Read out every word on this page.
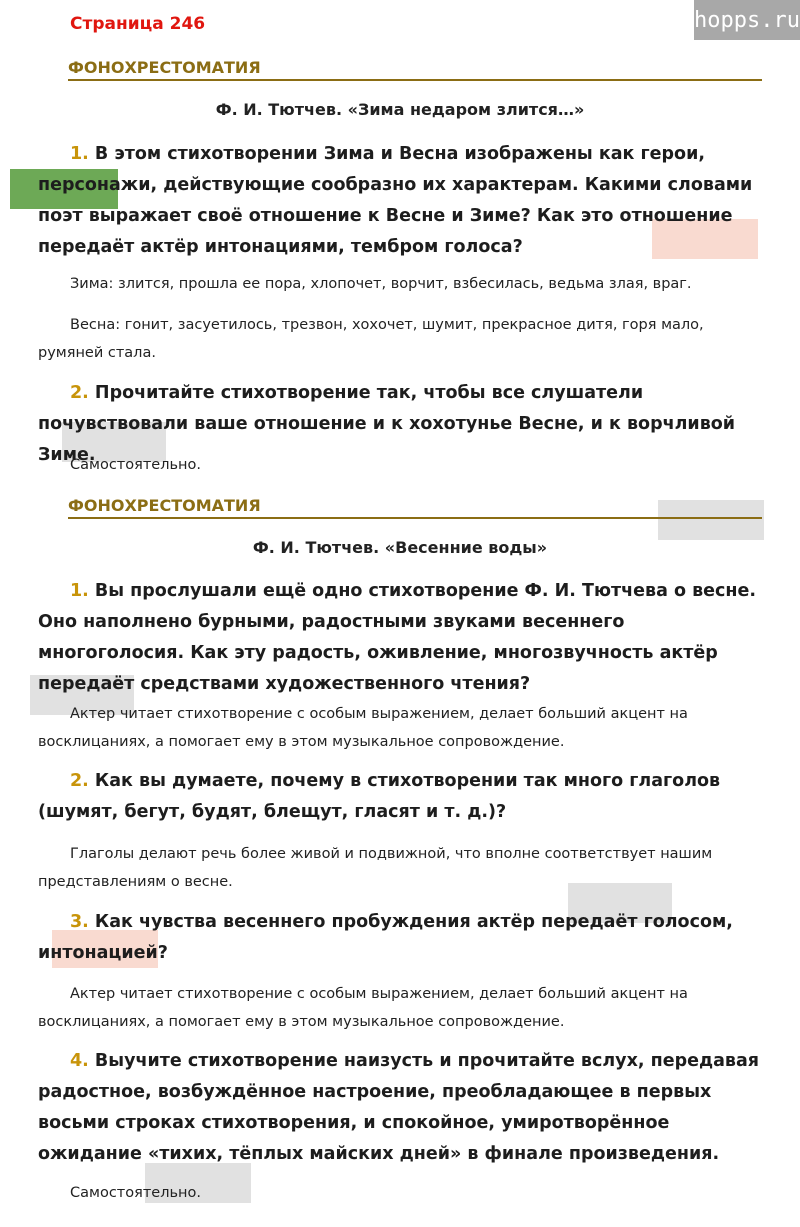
Страница 246	hopps.ru
ФОНОХРЕСТОМАТИЯ
Ф. И. Тютчев. «Зима недаром злится…»
1. В этом стихотворении Зима и Весна изображены как герои, персонажи, действующие сообразно их характерам. Какими словами поэт выражает своё отношение к Весне и Зиме? Как это отношение передаёт актёр интонациями, тембром голоса?
Зима: злится, прошла ее пора, хлопочет, ворчит, взбесилась, ведьма злая, враг.
Весна: гонит, засуетилось, трезвон, хохочет, шумит, прекрасное дитя, горя мало, румяней стала.
2. Прочитайте стихотворение так, чтобы все слушатели почувствовали ваше отношение и к хохотунье Весне, и к ворчливой Зиме.
Самостоятельно.
ФОНОХРЕСТОМАТИЯ
Ф. И. Тютчев. «Весенние воды»
1. Вы прослушали ещё одно стихотворение Ф. И. Тютчева о весне. Оно наполнено бурными, радостными звуками весеннего многоголосия. Как эту радость, оживление, многозвучность актёр передаёт средствами художественного чтения?
Актер читает стихотворение с особым выражением, делает больший акцент на восклицаниях, а помогает ему в этом музыкальное сопровождение.
2. Как вы думаете, почему в стихотворении так много глаголов (шумят, бегут, будят, блещут, гласят и т. д.)?
Глаголы делают речь более живой и подвижной, что вполне соответствует нашим представлениям о весне.
3. Как чувства весеннего пробуждения актёр передаёт голосом, интонацией?
Актер читает стихотворение с особым выражением, делает больший акцент на восклицаниях, а помогает ему в этом музыкальное сопровождение.
4. Выучите стихотворение наизусть и прочитайте вслух, передавая радостное, возбуждённое настроение, преобладающее в первых восьми строках стихотворения, и спокойное, умиротворённое ожидание «тихих, тёплых майских дней» в финале произведения.
Самостоятельно.
